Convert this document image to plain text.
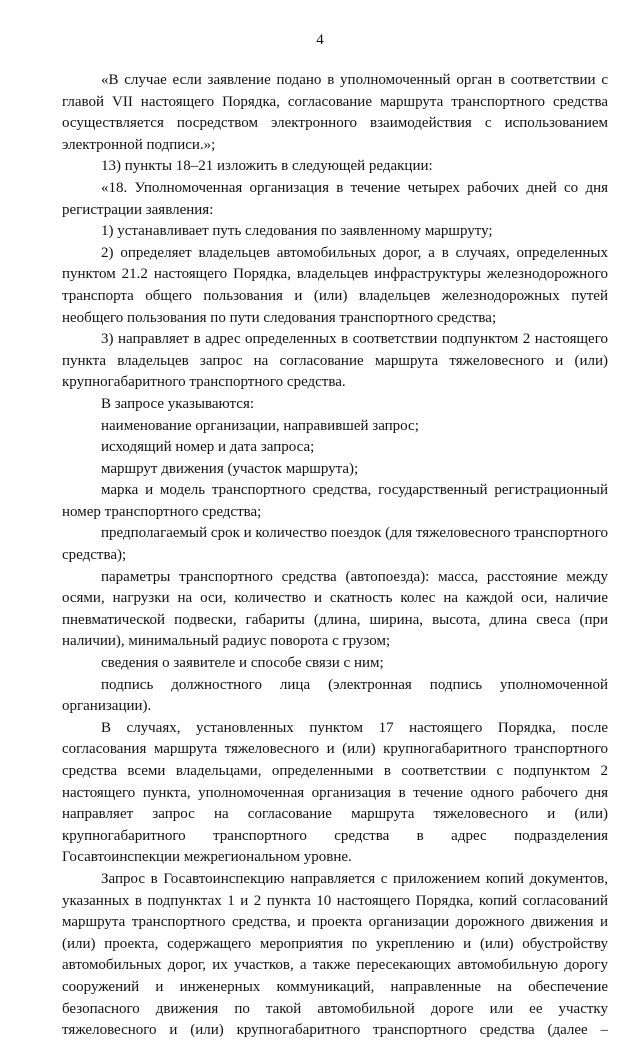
4

«В случае если заявление подано в уполномоченный орган в соответствии с главой VII настоящего Порядка, согласование маршрута транспортного средства осуществляется посредством электронного взаимодействия с использованием электронной подписи.»;

13) пункты 18–21 изложить в следующей редакции:

«18. Уполномоченная организация в течение четырех рабочих дней со дня регистрации заявления:

1) устанавливает путь следования по заявленному маршруту;

2) определяет владельцев автомобильных дорог, а в случаях, определенных пунктом 21.2 настоящего Порядка, владельцев инфраструктуры железнодорожного транспорта общего пользования и (или) владельцев железнодорожных путей необщего пользования по пути следования транспортного средства;

3) направляет в адрес определенных в соответствии подпунктом 2 настоящего пункта владельцев запрос на согласование маршрута тяжеловесного и (или) крупногабаритного транспортного средства.

В запросе указываются:

наименование организации, направившей запрос;

исходящий номер и дата запроса;

маршрут движения (участок маршрута);

марка и модель транспортного средства, государственный регистрационный номер транспортного средства;

предполагаемый срок и количество поездок (для тяжеловесного транспортного средства);

параметры транспортного средства (автопоезда): масса, расстояние между осями, нагрузки на оси, количество и скатность колес на каждой оси, наличие пневматической подвески, габариты (длина, ширина, высота, длина свеса (при наличии), минимальный радиус поворота с грузом;

сведения о заявителе и способе связи с ним;

подпись должностного лица (электронная подпись уполномоченной организации).

В случаях, установленных пунктом 17 настоящего Порядка, после согласования маршрута тяжеловесного и (или) крупногабаритного транспортного средства всеми владельцами, определенными в соответствии с подпунктом 2 настоящего пункта, уполномоченная организация в течение одного рабочего дня направляет запрос на согласование маршрута тяжеловесного и (или) крупногабаритного транспортного средства в адрес подразделения Госавтоинспекции межрегиональном уровне.

Запрос в Госавтоинспекцию направляется с приложением копий документов, указанных в подпунктах 1 и 2 пункта 10 настоящего Порядка, копий согласований маршрута транспортного средства, и проекта организации дорожного движения и (или) проекта, содержащего мероприятия по укреплению и (или) обустройству автомобильных дорог, их участков, а также пересекающих автомобильную дорогу сооружений и инженерных коммуникаций, направленные на обеспечение безопасного движения по такой автомобильной дороге или ее участку тяжеловесного и (или) крупногабаритного транспортного средства (далее –
